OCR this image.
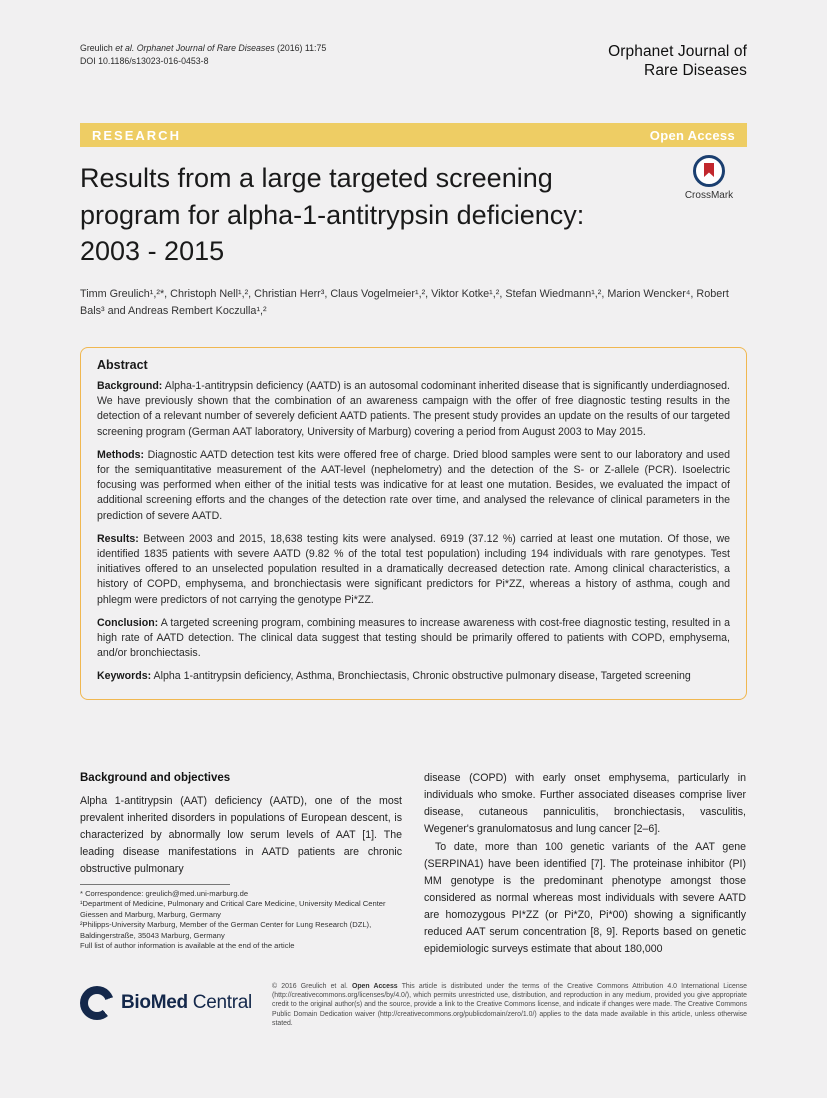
Greulich et al. Orphanet Journal of Rare Diseases (2016) 11:75
DOI 10.1186/s13023-016-0453-8
Orphanet Journal of
Rare Diseases
RESEARCH	Open Access
Results from a large targeted screening
program for alpha-1-antitrypsin deficiency:
2003 - 2015
CrossMark
Timm Greulich¹,²*, Christoph Nell¹,², Christian Herr³, Claus Vogelmeier¹,², Viktor Kotke¹,², Stefan Wiedmann¹,², Marion Wencker⁴, Robert Bals³ and Andreas Rembert Koczulla¹,²
Abstract

Background: Alpha-1-antitrypsin deficiency (AATD) is an autosomal codominant inherited disease that is significantly underdiagnosed. We have previously shown that the combination of an awareness campaign with the offer of free diagnostic testing results in the detection of a relevant number of severely deficient AATD patients. The present study provides an update on the results of our targeted screening program (German AAT laboratory, University of Marburg) covering a period from August 2003 to May 2015.

Methods: Diagnostic AATD detection test kits were offered free of charge. Dried blood samples were sent to our laboratory and used for the semiquantitative measurement of the AAT-level (nephelometry) and the detection of the S- or Z-allele (PCR). Isoelectric focusing was performed when either of the initial tests was indicative for at least one mutation. Besides, we evaluated the impact of additional screening efforts and the changes of the detection rate over time, and analysed the relevance of clinical parameters in the prediction of severe AATD.

Results: Between 2003 and 2015, 18,638 testing kits were analysed. 6919 (37.12 %) carried at least one mutation. Of those, we identified 1835 patients with severe AATD (9.82 % of the total test population) including 194 individuals with rare genotypes. Test initiatives offered to an unselected population resulted in a dramatically decreased detection rate. Among clinical characteristics, a history of COPD, emphysema, and bronchiectasis were significant predictors for Pi*ZZ, whereas a history of asthma, cough and phlegm were predictors of not carrying the genotype Pi*ZZ.

Conclusion: A targeted screening program, combining measures to increase awareness with cost-free diagnostic testing, resulted in a high rate of AATD detection. The clinical data suggest that testing should be primarily offered to patients with COPD, emphysema, and/or bronchiectasis.

Keywords: Alpha 1-antitrypsin deficiency, Asthma, Bronchiectasis, Chronic obstructive pulmonary disease, Targeted screening

Background and objectives

Alpha 1-antitrypsin (AAT) deficiency (AATD), one of the most prevalent inherited disorders in populations of European descent, is characterized by abnormally low serum levels of AAT [1]. The leading disease manifestations in AATD patients are chronic obstructive pulmonary

disease (COPD) with early onset emphysema, particularly in individuals who smoke. Further associated diseases comprise liver disease, cutaneous panniculitis, bronchiectasis, vasculitis, Wegener's granulomatosus and lung cancer [2–6].

To date, more than 100 genetic variants of the AAT gene (SERPINA1) have been identified [7]. The proteinase inhibitor (PI) MM genotype is the predominant phenotype amongst those considered as normal whereas most individuals with severe AATD are homozygous PI*ZZ (or Pi*Z0, Pi*00) showing a significantly reduced AAT serum concentration [8, 9]. Reports based on genetic epidemiologic surveys estimate that about 180,000

* Correspondence: greulich@med.uni-marburg.de
¹Department of Medicine, Pulmonary and Critical Care Medicine, University Medical Center Giessen and Marburg, Marburg, Germany
²Philipps-University Marburg, Member of the German Center for Lung Research (DZL), Baldingerstraße, 35043 Marburg, Germany
Full list of author information is available at the end of the article
BioMed Central
© 2016 Greulich et al. Open Access This article is distributed under the terms of the Creative Commons Attribution 4.0 International License (http://creativecommons.org/licenses/by/4.0/), which permits unrestricted use, distribution, and reproduction in any medium, provided you give appropriate credit to the original author(s) and the source, provide a link to the Creative Commons license, and indicate if changes were made. The Creative Commons Public Domain Dedication waiver (http://creativecommons.org/publicdomain/zero/1.0/) applies to the data made available in this article, unless otherwise stated.
